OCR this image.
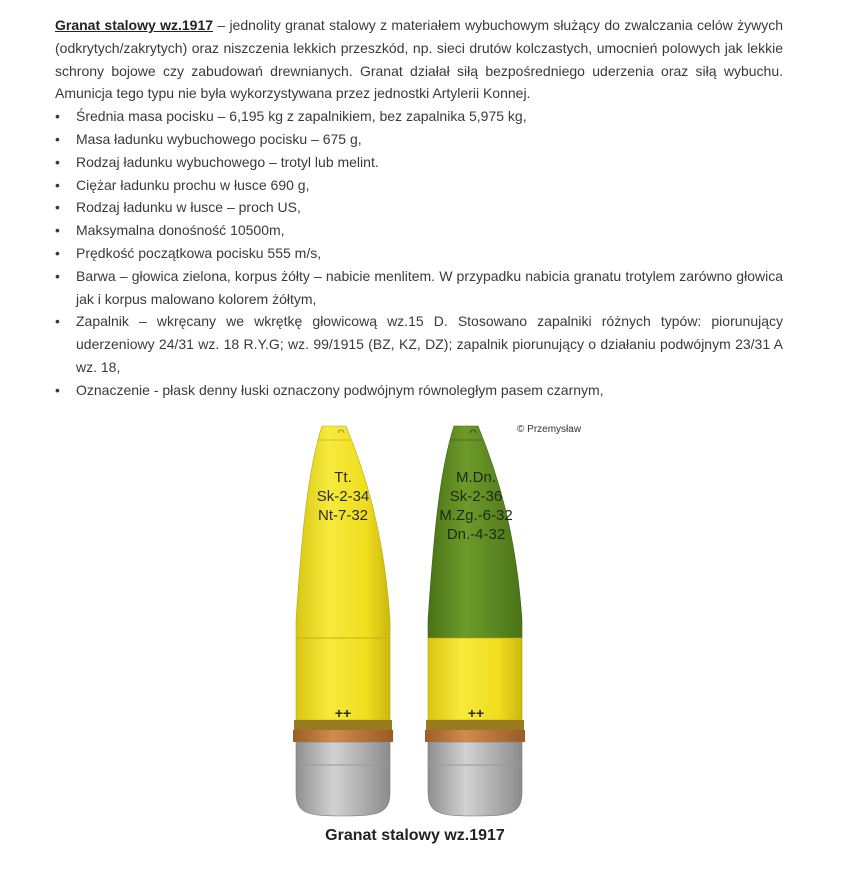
Granat stalowy wz.1917 – jednolity granat stalowy z materiałem wybuchowym służący do zwalczania celów żywych (odkrytych/zakrytych) oraz niszczenia lekkich przeszkód, np. sieci drutów kolczastych, umocnień polowych jak lekkie schrony bojowe czy zabudowań drewnianych. Granat działał siłą bezpośredniego uderzenia oraz siłą wybuchu. Amunicja tego typu nie była wykorzystywana przez jednostki Artylerii Konnej.

• Średnia masa pocisku – 6,195 kg z zapalnikiem, bez zapalnika 5,975 kg,
• Masa ładunku wybuchowego pocisku – 675 g,
• Rodzaj ładunku wybuchowego – trotyl lub melint.
• Ciężar ładunku prochu w łusce 690 g,
• Rodzaj ładunku w łusce – proch US,
• Maksymalna donośność 10500m,
• Prędkość początkowa pocisku 555 m/s,
• Barwa – głowica zielona, korpus żółty – nabicie menlitem. W przypadku nabicia granatu trotylem zarówno głowica jak i korpus malowano kolorem żółtym,
• Zapalnik – wkręcany we wkrętkę głowicową wz.15 D. Stosowano zapalniki różnych typów: piorunujący uderzeniowy 24/31 wz. 18 R.Y.G; wz. 99/1915 (BZ, KZ, DZ); zapalnik piorunujący o działaniu podwójnym 23/31 A wz. 18,
• Oznaczenie - płask denny łuski oznaczony podwójnym równoległym pasem czarnym,
Tt.
Sk-2-34
Nt-7-32
++
M.Dn.
Sk-2-36
M.Zg.-6-32
Dn.-4-32
++
© Przemysław
Granat stalowy wz.1917
